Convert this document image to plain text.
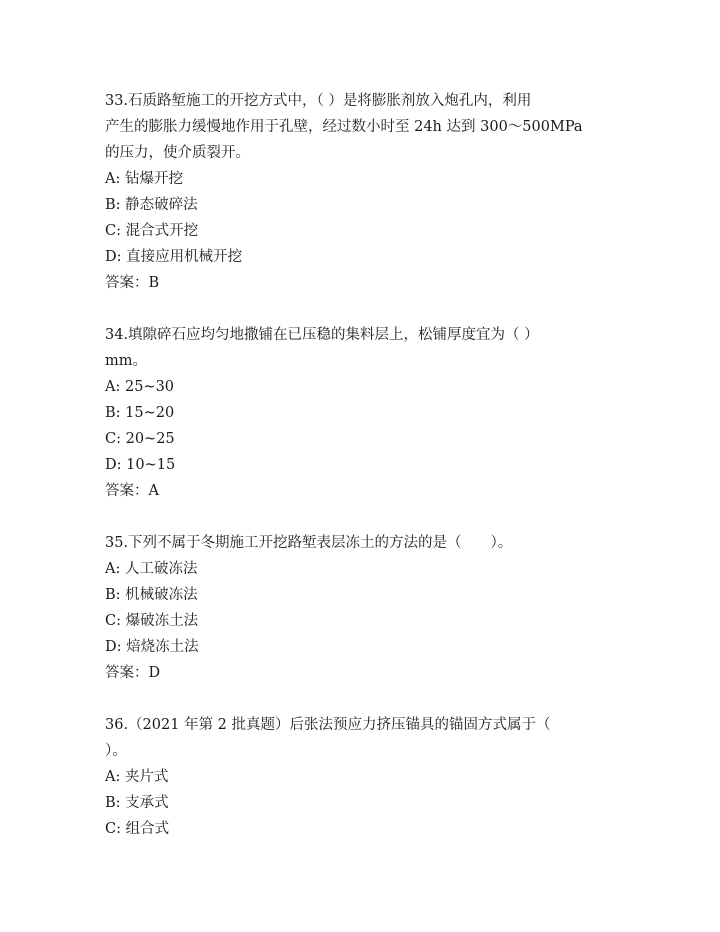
33.石质路堑施工的开挖方式中，（ ）是将膨胀剂放入炮孔内，利用
产生的膨胀力缓慢地作用于孔壁，经过数小时至 24h 达到 300～500MPa
的压力，使介质裂开。
A: 钻爆开挖
B: 静态破碎法
C: 混合式开挖
D: 直接应用机械开挖
答案：B
34.填隙碎石应均匀地撒铺在已压稳的集料层上，松铺厚度宜为（ ）
mm。
A: 25~30
B: 15~20
C: 20~25
D: 10~15
答案：A
35.下列不属于冬期施工开挖路堑表层冻土的方法的是（　　）。
A: 人工破冻法
B: 机械破冻法
C: 爆破冻土法
D: 焙烧冻土法
答案：D
36.（2021 年第 2 批真题）后张法预应力挤压锚具的锚固方式属于（
）。
A: 夹片式
B: 支承式
C: 组合式
